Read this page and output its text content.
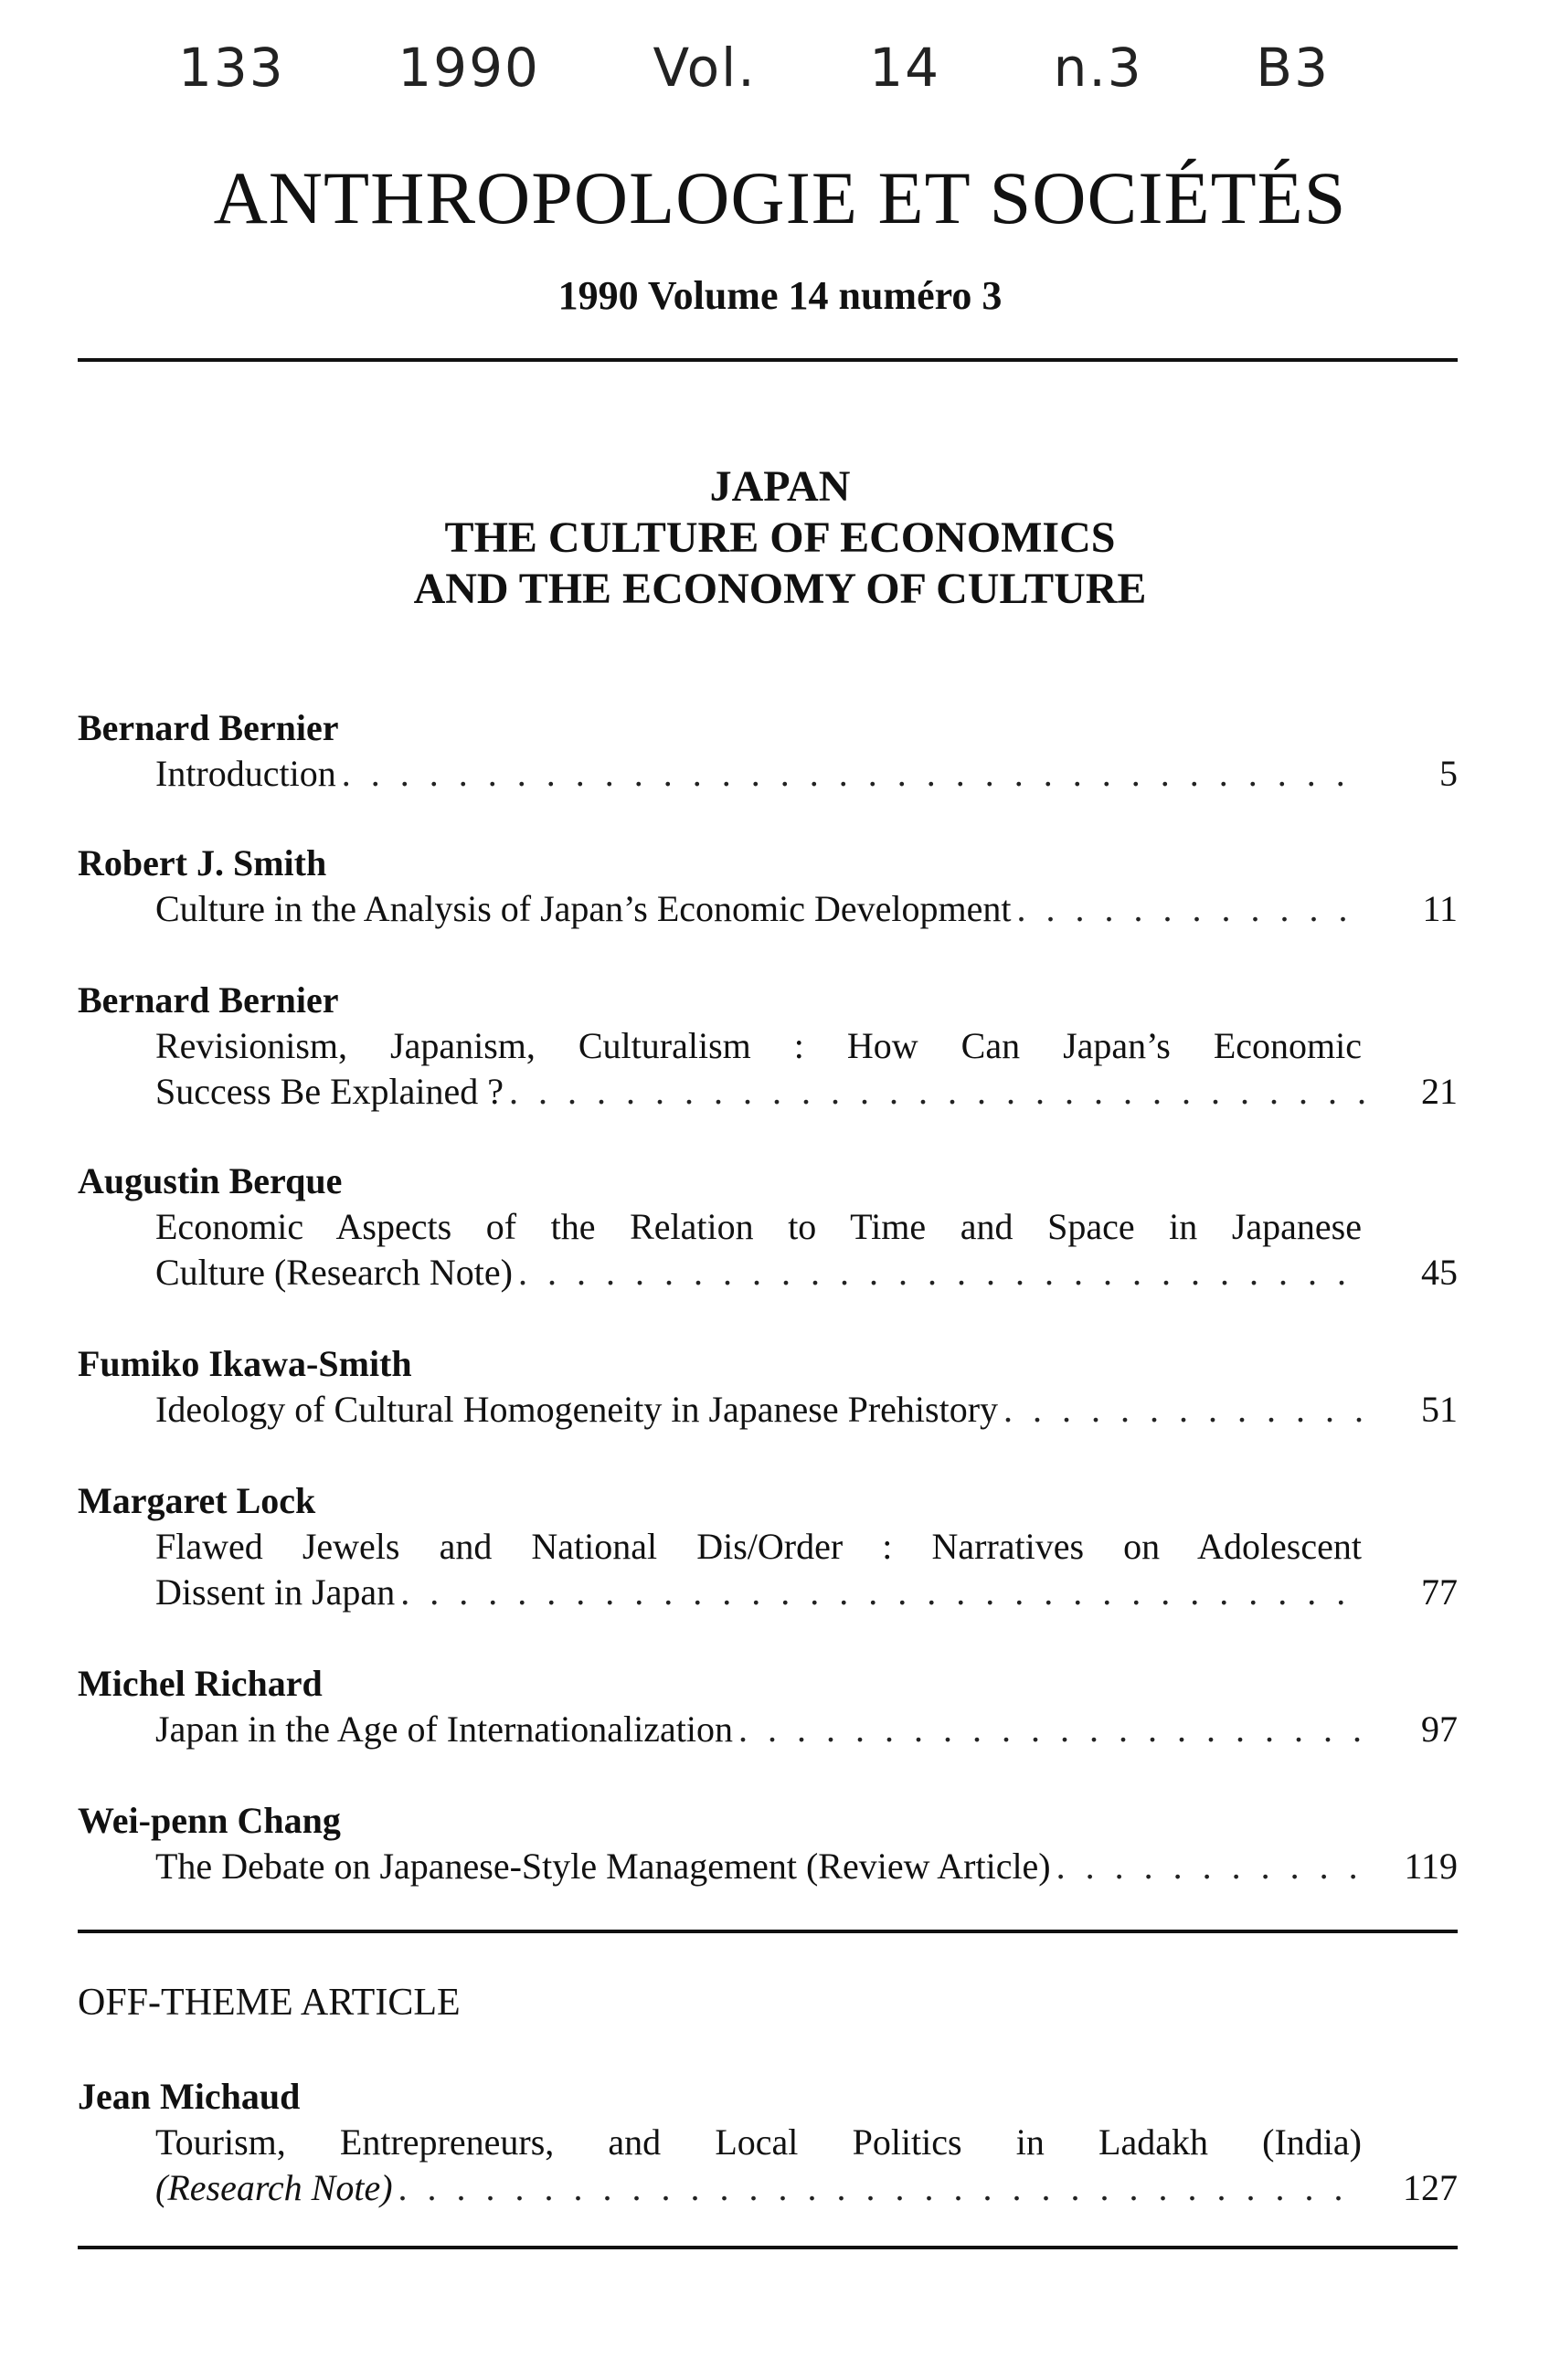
133 1990 Vol. 14 n.3 B3
ANTHROPOLOGIE ET SOCIÉTÉS
1990 Volume 14 numéro 3
JAPAN
THE CULTURE OF ECONOMICS
AND THE ECONOMY OF CULTURE
Bernard Bernier
Introduction . . .	5
Robert J. Smith
Culture in the Analysis of Japan’s Economic Development . . .	11
Bernard Bernier
Revisionism, Japanism, Culturalism : How Can Japan’s Economic
Success Be Explained ? . . .	21
Augustin Berque
Economic Aspects of the Relation to Time and Space in Japanese
Culture (Research Note) . . .	45
Fumiko Ikawa-Smith
Ideology of Cultural Homogeneity in Japanese Prehistory . . .	51
Margaret Lock
Flawed Jewels and National Dis/Order : Narratives on Adolescent
Dissent in Japan . . .	77
Michel Richard
Japan in the Age of Internationalization . . .	97
Wei-penn Chang
The Debate on Japanese-Style Management (Review Article) . . .	119
OFF-THEME ARTICLE
Jean Michaud
Tourism, Entrepreneurs, and Local Politics in Ladakh (India)
(Research Note) . . .	127
